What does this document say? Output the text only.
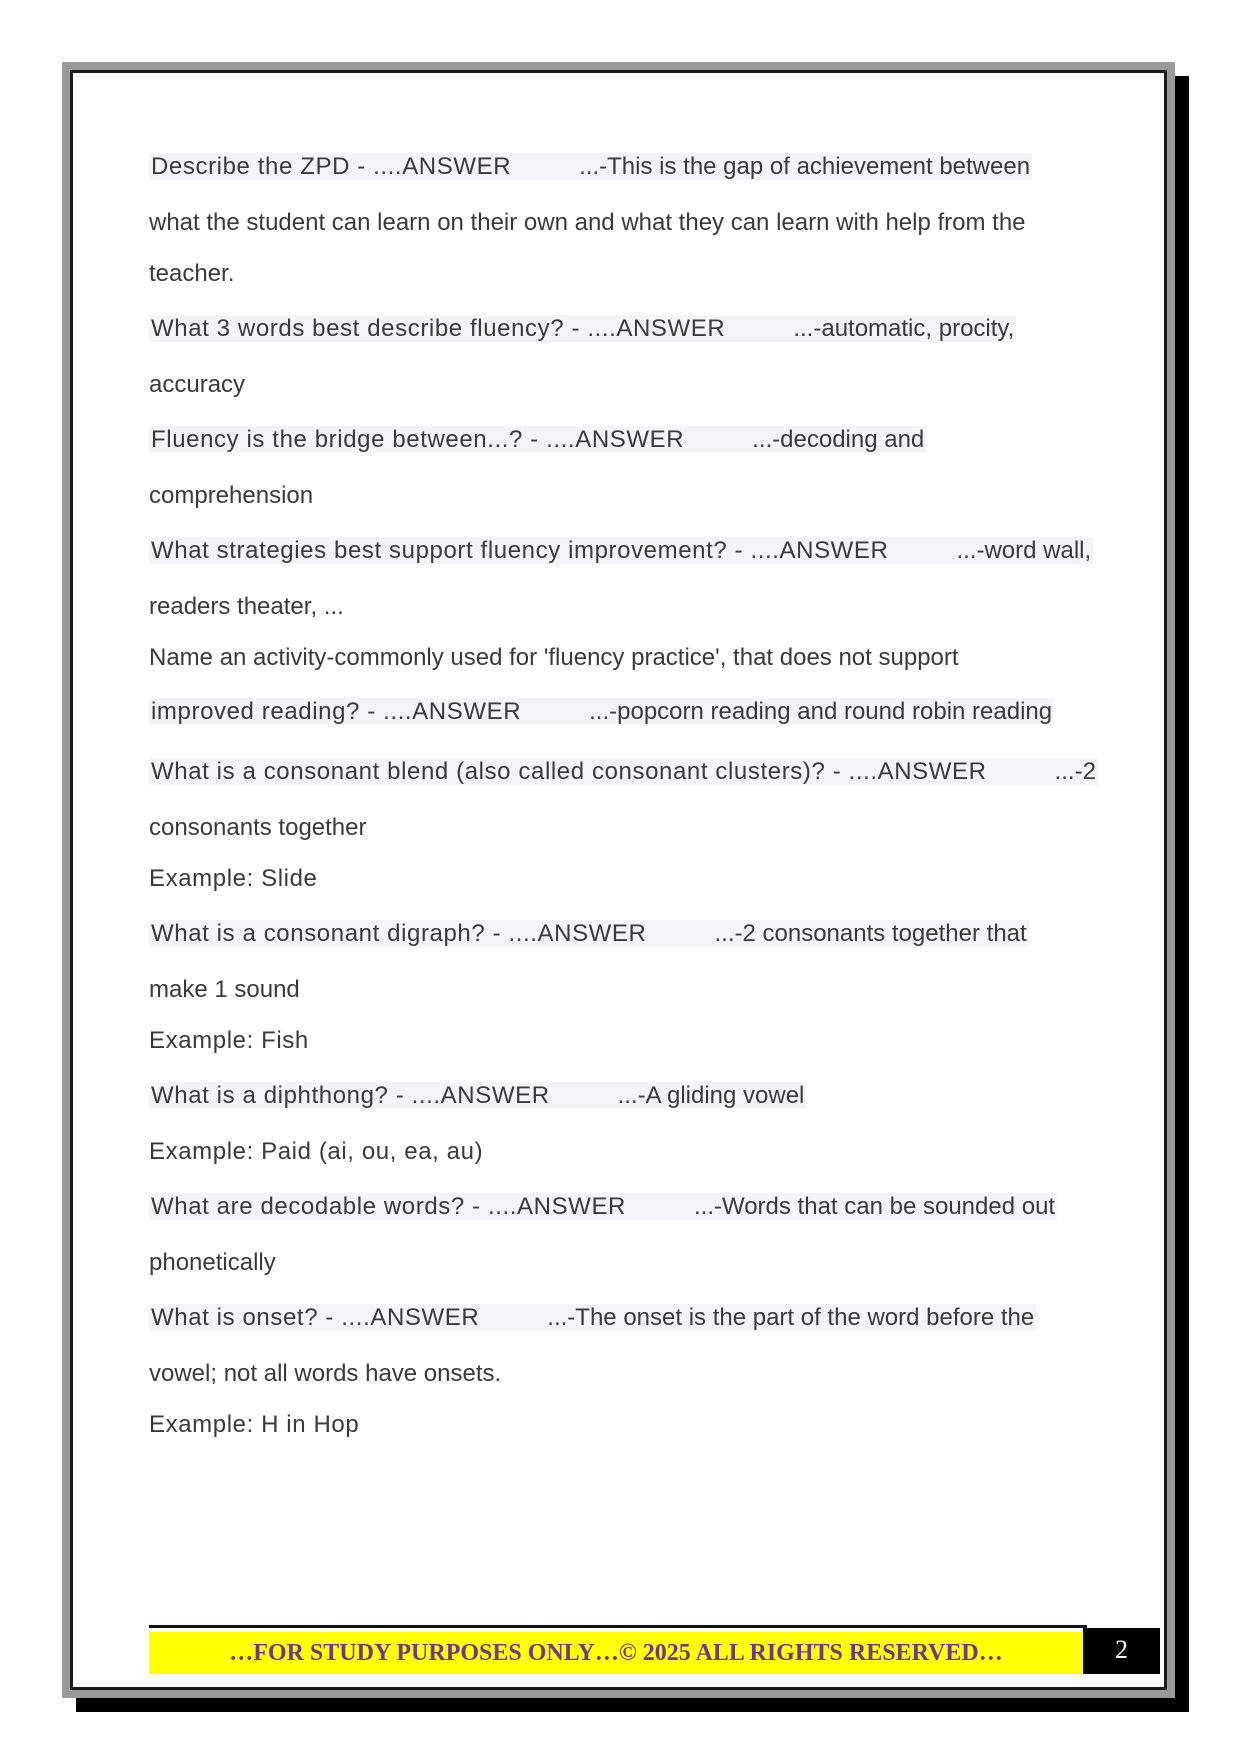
Describe the ZPD - ....ANSWER	...-This is the gap of achievement between
what the student can learn on their own and what they can learn with help from the
teacher.
What 3 words best describe fluency? - ....ANSWER	...-automatic, procity,
accuracy
Fluency is the bridge between...? - ....ANSWER	...-decoding and
comprehension
What strategies best support fluency improvement? - ....ANSWER	...-word wall,
readers theater, ...
Name an activity-commonly used for 'fluency practice', that does not support
improved reading? - ....ANSWER	...-popcorn reading and round robin reading
What is a consonant blend (also called consonant clusters)? - ....ANSWER	...-2
consonants together
Example: Slide
What is a consonant digraph? - ....ANSWER	...-2 consonants together that
make 1 sound
Example: Fish
What is a diphthong? - ....ANSWER	...-A gliding vowel
Example: Paid (ai, ou, ea, au)
What are decodable words? - ....ANSWER	...-Words that can be sounded out
phonetically
What is onset? - ....ANSWER	...-The onset is the part of the word before the
vowel; not all words have onsets.
Example: H in Hop
…FOR STUDY PURPOSES ONLY…© 2025 ALL RIGHTS RESERVED…	2
